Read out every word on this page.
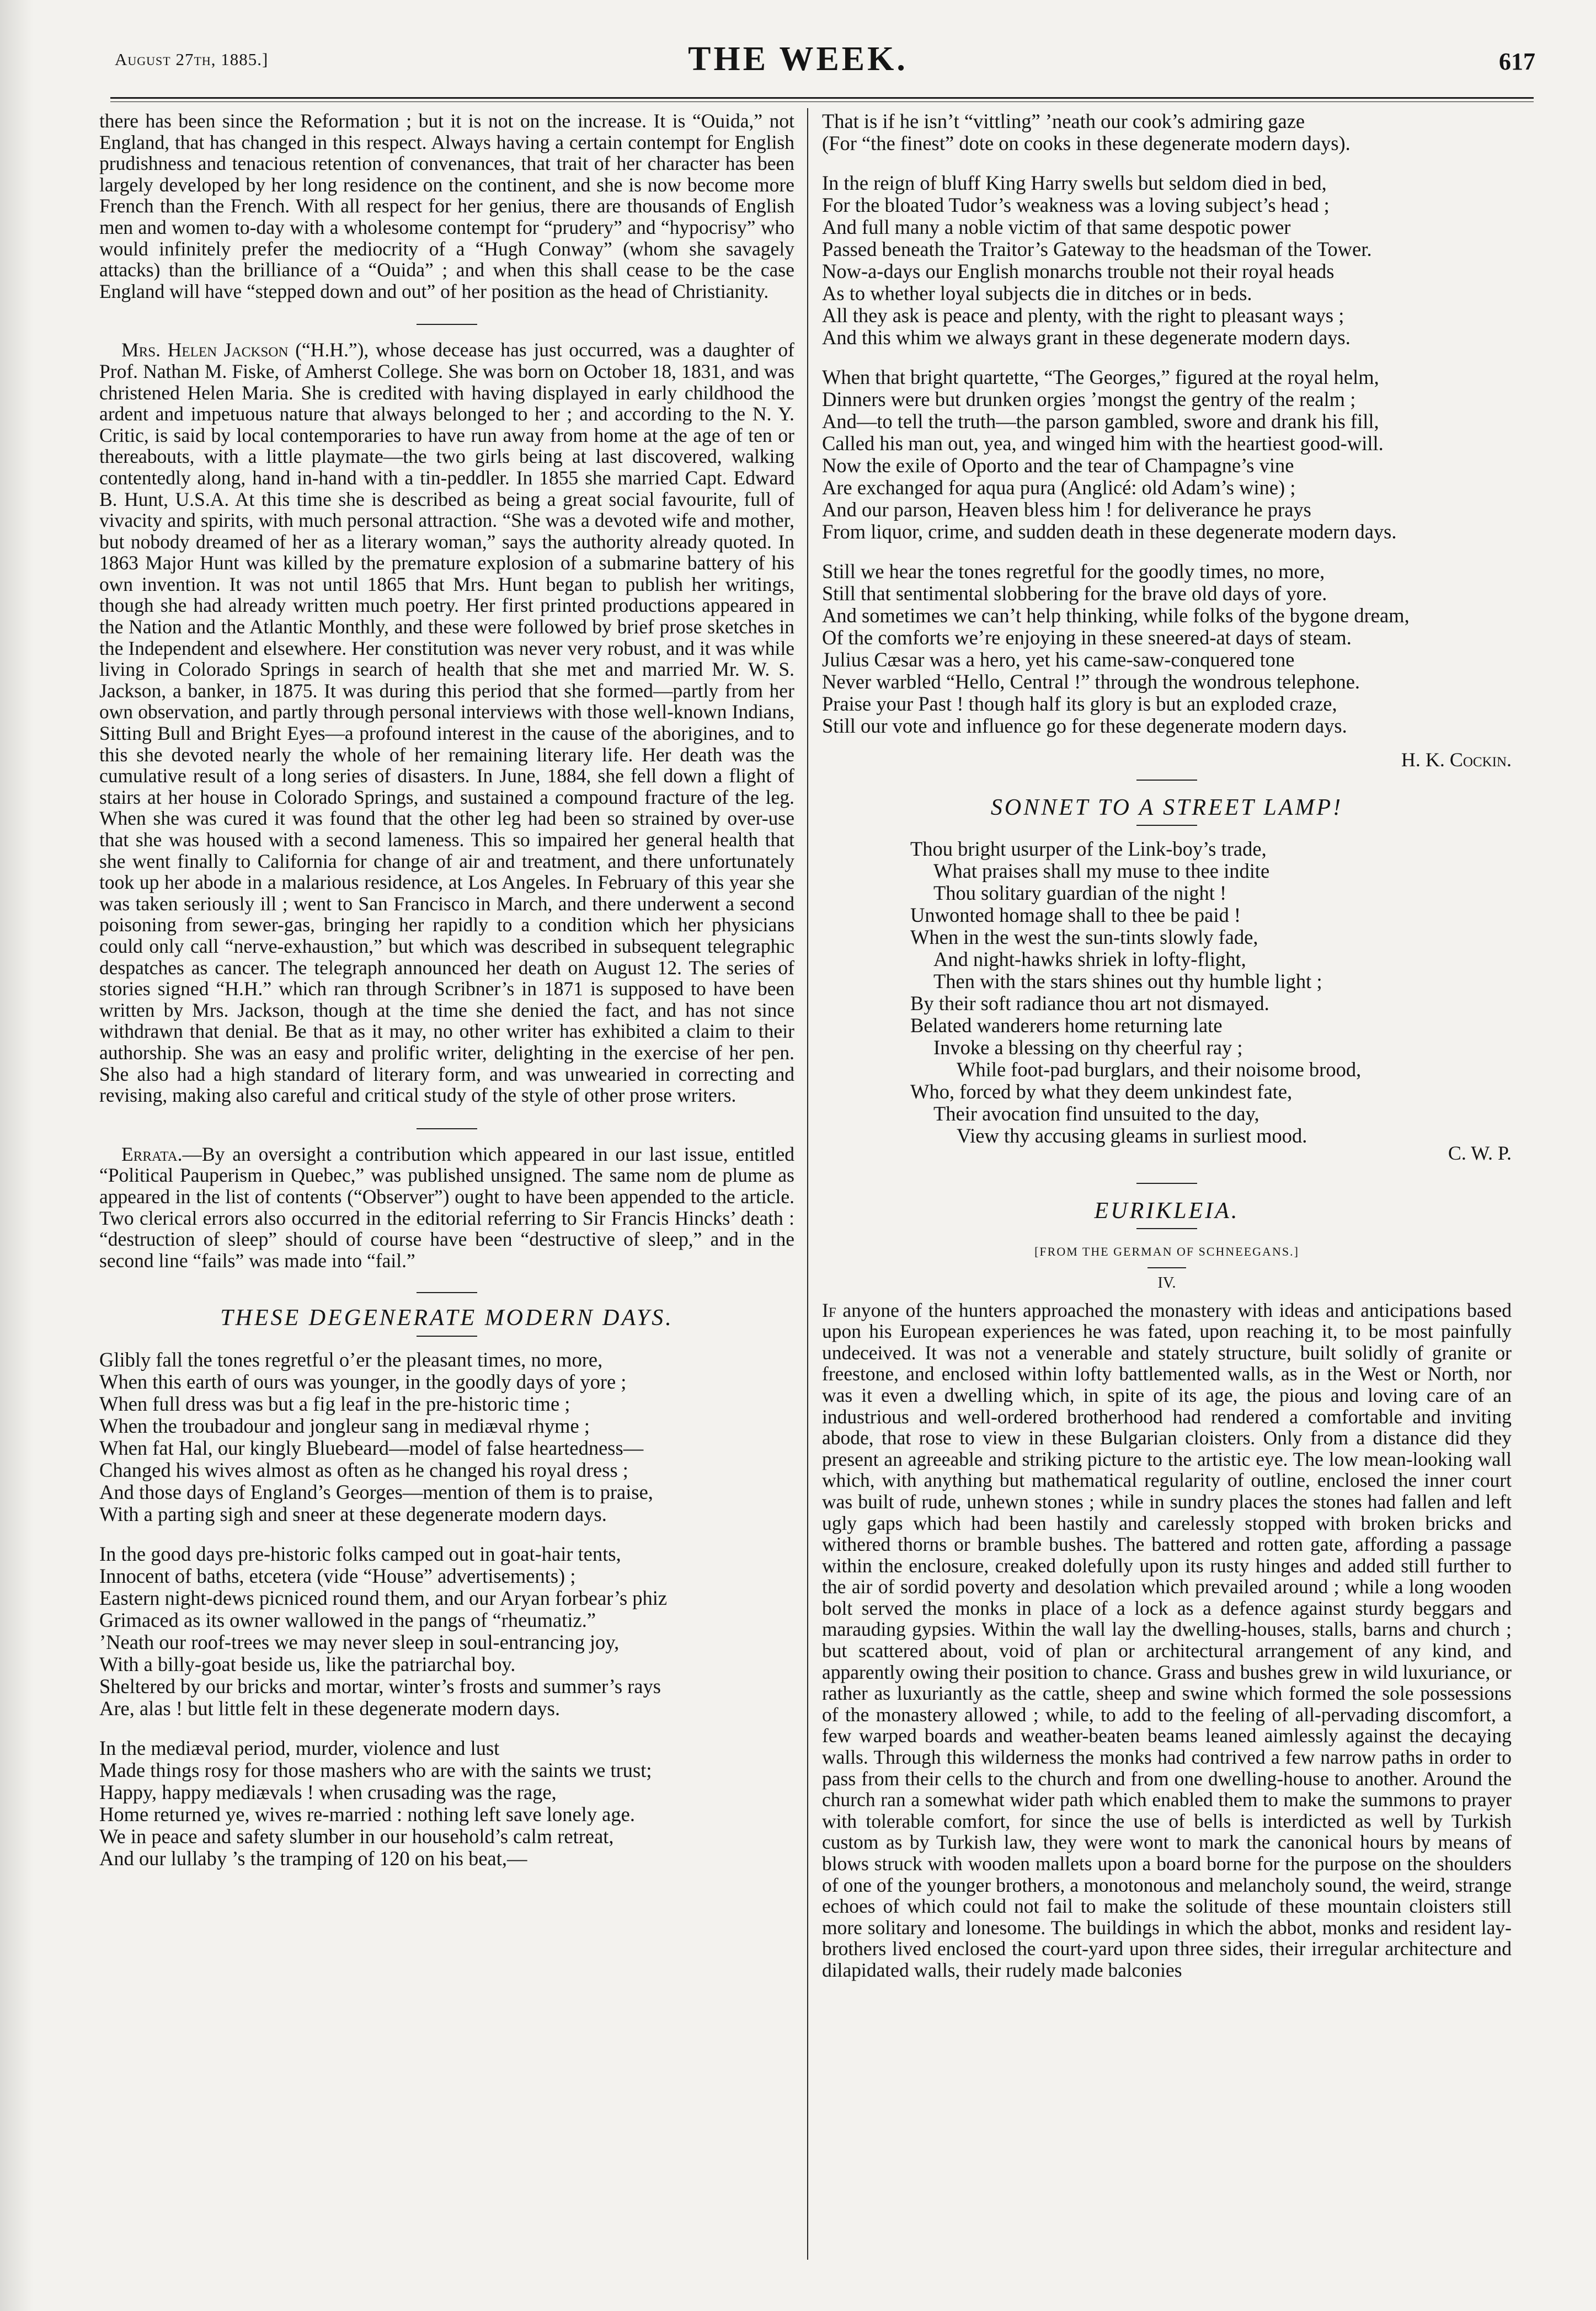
August 27th, 1885.]	THE WEEK.	617

there has been since the Reformation ; but it is not on the increase. It is “Ouida,” not England, that has changed in this respect. Always having a certain contempt for English prudishness and tenacious retention of convenances, that trait of her character has been largely developed by her long residence on the continent, and she is now become more French than the French. With all respect for her genius, there are thousands of English men and women to-day with a wholesome contempt for “prudery” and “hypocrisy” who would infinitely prefer the mediocrity of a “Hugh Conway” (whom she savagely attacks) than the brilliance of a “Ouida” ; and when this shall cease to be the case England will have “stepped down and out” of her position as the head of Christianity.

Mrs. Helen Jackson (“H.H.”), whose decease has just occurred, was a daughter of Prof. Nathan M. Fiske, of Amherst College. She was born on October 18, 1831, and was christened Helen Maria. She is credited with having displayed in early childhood the ardent and impetuous nature that always belonged to her ; and according to the N. Y. Critic, is said by local contemporaries to have run away from home at the age of ten or thereabouts, with a little playmate—the two girls being at last discovered, walking contentedly along, hand in-hand with a tin-peddler. In 1855 she married Capt. Edward B. Hunt, U.S.A. At this time she is described as being a great social favourite, full of vivacity and spirits, with much personal attraction. “She was a devoted wife and mother, but nobody dreamed of her as a literary woman,” says the authority already quoted. In 1863 Major Hunt was killed by the premature explosion of a submarine battery of his own invention. It was not until 1865 that Mrs. Hunt began to publish her writings, though she had already written much poetry. Her first printed productions appeared in the Nation and the Atlantic Monthly, and these were followed by brief prose sketches in the Independent and elsewhere. Her constitution was never very robust, and it was while living in Colorado Springs in search of health that she met and married Mr. W. S. Jackson, a banker, in 1875. It was during this period that she formed—partly from her own observation, and partly through personal interviews with those well-known Indians, Sitting Bull and Bright Eyes—a profound interest in the cause of the aborigines, and to this she devoted nearly the whole of her remaining literary life. Her death was the cumulative result of a long series of disasters. In June, 1884, she fell down a flight of stairs at her house in Colorado Springs, and sustained a compound fracture of the leg. When she was cured it was found that the other leg had been so strained by over-use that she was housed with a second lameness. This so impaired her general health that she went finally to California for change of air and treatment, and there unfortunately took up her abode in a malarious residence, at Los Angeles. In February of this year she was taken seriously ill ; went to San Francisco in March, and there underwent a second poisoning from sewer-gas, bringing her rapidly to a condition which her physicians could only call “nerve-exhaustion,” but which was described in subsequent telegraphic despatches as cancer. The telegraph announced her death on August 12. The series of stories signed “H.H.” which ran through Scribner’s in 1871 is supposed to have been written by Mrs. Jackson, though at the time she denied the fact, and has not since withdrawn that denial. Be that as it may, no other writer has exhibited a claim to their authorship. She was an easy and prolific writer, delighting in the exercise of her pen. She also had a high standard of literary form, and was unwearied in correcting and revising, making also careful and critical study of the style of other prose writers.

Errata.—By an oversight a contribution which appeared in our last issue, entitled “Political Pauperism in Quebec,” was published unsigned. The same nom de plume as appeared in the list of contents (“Observer”) ought to have been appended to the article. Two clerical errors also occurred in the editorial referring to Sir Francis Hincks’ death : “destruction of sleep” should of course have been “destructive of sleep,” and in the second line “fails” was made into “fail.”

THESE DEGENERATE MODERN DAYS.
Glibly fall the tones regretful o’er the pleasant times, no more,
When this earth of ours was younger, in the goodly days of yore ;
When full dress was but a fig leaf in the pre-historic time ;
When the troubadour and jongleur sang in mediæval rhyme ;
When fat Hal, our kingly Bluebeard—model of false heartedness—
Changed his wives almost as often as he changed his royal dress ;
And those days of England’s Georges—mention of them is to praise,
With a parting sigh and sneer at these degenerate modern days.
In the good days pre-historic folks camped out in goat-hair tents,
Innocent of baths, etcetera (vide “House” advertisements) ;
Eastern night-dews picniced round them, and our Aryan forbear’s phiz
Grimaced as its owner wallowed in the pangs of “rheumatiz.”
’Neath our roof-trees we may never sleep in soul-entrancing joy,
With a billy-goat beside us, like the patriarchal boy.
Sheltered by our bricks and mortar, winter’s frosts and summer’s rays
Are, alas ! but little felt in these degenerate modern days.
In the mediæval period, murder, violence and lust
Made things rosy for those mashers who are with the saints we trust;
Happy, happy mediævals ! when crusading was the rage,
Home returned ye, wives re-married : nothing left save lonely age.
We in peace and safety slumber in our household’s calm retreat,
And our lullaby ’s the tramping of 120 on his beat,—
That is if he isn’t “vittling” ’neath our cook’s admiring gaze
(For “the finest” dote on cooks in these degenerate modern days).
In the reign of bluff King Harry swells but seldom died in bed,
For the bloated Tudor’s weakness was a loving subject’s head ;
And full many a noble victim of that same despotic power
Passed beneath the Traitor’s Gateway to the headsman of the Tower.
Now-a-days our English monarchs trouble not their royal heads
As to whether loyal subjects die in ditches or in beds.
All they ask is peace and plenty, with the right to pleasant ways ;
And this whim we always grant in these degenerate modern days.
When that bright quartette, “The Georges,” figured at the royal helm,
Dinners were but drunken orgies ’mongst the gentry of the realm ;
And—to tell the truth—the parson gambled, swore and drank his fill,
Called his man out, yea, and winged him with the heartiest good-will.
Now the exile of Oporto and the tear of Champagne’s vine
Are exchanged for aqua pura (Anglicé: old Adam’s wine) ;
And our parson, Heaven bless him ! for deliverance he prays
From liquor, crime, and sudden death in these degenerate modern days.
Still we hear the tones regretful for the goodly times, no more,
Still that sentimental slobbering for the brave old days of yore.
And sometimes we can’t help thinking, while folks of the bygone dream,
Of the comforts we’re enjoying in these sneered-at days of steam.
Julius Cæsar was a hero, yet his came-saw-conquered tone
Never warbled “Hello, Central !” through the wondrous telephone.
Praise your Past ! though half its glory is but an exploded craze,
Still our vote and influence go for these degenerate modern days.
H. K. Cockin.
SONNET TO A STREET LAMP!
Thou bright usurper of the Link-boy’s trade,
What praises shall my muse to thee indite
Thou solitary guardian of the night !
Unwonted homage shall to thee be paid !
When in the west the sun-tints slowly fade,
And night-hawks shriek in lofty-flight,
Then with the stars shines out thy humble light ;
By their soft radiance thou art not dismayed.
Belated wanderers home returning late
Invoke a blessing on thy cheerful ray ;
While foot-pad burglars, and their noisome brood,
Who, forced by what they deem unkindest fate,
Their avocation find unsuited to the day,
View thy accusing gleams in surliest mood.
C. W. P.
EURIKLEIA.
[FROM THE GERMAN OF SCHNEEGANS.]
IV.

If anyone of the hunters approached the monastery with ideas and anticipations based upon his European experiences he was fated, upon reaching it, to be most painfully undeceived. It was not a venerable and stately structure, built solidly of granite or freestone, and enclosed within lofty battlemented walls, as in the West or North, nor was it even a dwelling which, in spite of its age, the pious and loving care of an industrious and well-ordered brotherhood had rendered a comfortable and inviting abode, that rose to view in these Bulgarian cloisters. Only from a distance did they present an agreeable and striking picture to the artistic eye. The low mean-looking wall which, with anything but mathematical regularity of outline, enclosed the inner court was built of rude, unhewn stones ; while in sundry places the stones had fallen and left ugly gaps which had been hastily and carelessly stopped with broken bricks and withered thorns or bramble bushes. The battered and rotten gate, affording a passage within the enclosure, creaked dolefully upon its rusty hinges and added still further to the air of sordid poverty and desolation which prevailed around ; while a long wooden bolt served the monks in place of a lock as a defence against sturdy beggars and marauding gypsies. Within the wall lay the dwelling-houses, stalls, barns and church ; but scattered about, void of plan or architectural arrangement of any kind, and apparently owing their position to chance. Grass and bushes grew in wild luxuriance, or rather as luxuriantly as the cattle, sheep and swine which formed the sole possessions of the monastery allowed ; while, to add to the feeling of all-pervading discomfort, a few warped boards and weather-beaten beams leaned aimlessly against the decaying walls. Through this wilderness the monks had contrived a few narrow paths in order to pass from their cells to the church and from one dwelling-house to another. Around the church ran a somewhat wider path which enabled them to make the summons to prayer with tolerable comfort, for since the use of bells is interdicted as well by Turkish custom as by Turkish law, they were wont to mark the canonical hours by means of blows struck with wooden mallets upon a board borne for the purpose on the shoulders of one of the younger brothers, a monotonous and melancholy sound, the weird, strange echoes of which could not fail to make the solitude of these mountain cloisters still more solitary and lonesome. The buildings in which the abbot, monks and resident lay-brothers lived enclosed the court-yard upon three sides, their irregular architecture and dilapidated walls, their rudely made balconies
